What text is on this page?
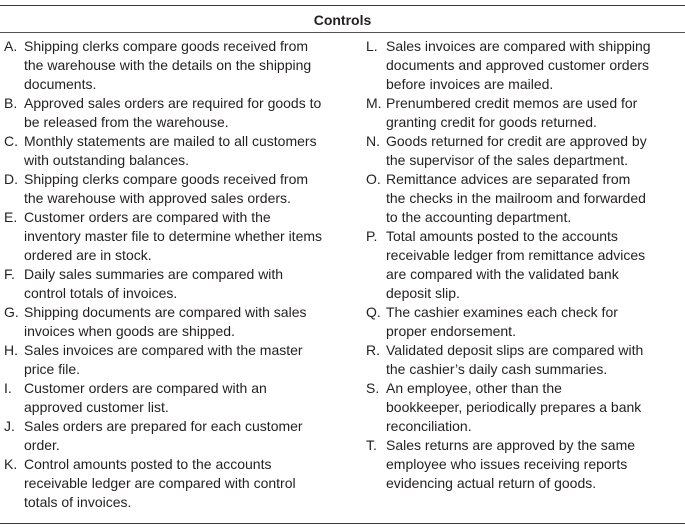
Controls
A. Shipping clerks compare goods received from
the warehouse with the details on the shipping
documents.
B. Approved sales orders are required for goods to
be released from the warehouse.
C. Monthly statements are mailed to all customers
with outstanding balances.
D. Shipping clerks compare goods received from
the warehouse with approved sales orders.
E. Customer orders are compared with the
inventory master file to determine whether items
ordered are in stock.
F. Daily sales summaries are compared with
control totals of invoices.
G. Shipping documents are compared with sales
invoices when goods are shipped.
H. Sales invoices are compared with the master
price file.
I. Customer orders are compared with an
approved customer list.
J. Sales orders are prepared for each customer
order.
K. Control amounts posted to the accounts
receivable ledger are compared with control
totals of invoices.
L. Sales invoices are compared with shipping
documents and approved customer orders
before invoices are mailed.
M. Prenumbered credit memos are used for
granting credit for goods returned.
N. Goods returned for credit are approved by
the supervisor of the sales department.
O. Remittance advices are separated from
the checks in the mailroom and forwarded
to the accounting department.
P. Total amounts posted to the accounts
receivable ledger from remittance advices
are compared with the validated bank
deposit slip.
Q. The cashier examines each check for
proper endorsement.
R. Validated deposit slips are compared with
the cashier’s daily cash summaries.
S. An employee, other than the
bookkeeper, periodically prepares a bank
reconciliation.
T. Sales returns are approved by the same
employee who issues receiving reports
evidencing actual return of goods.
